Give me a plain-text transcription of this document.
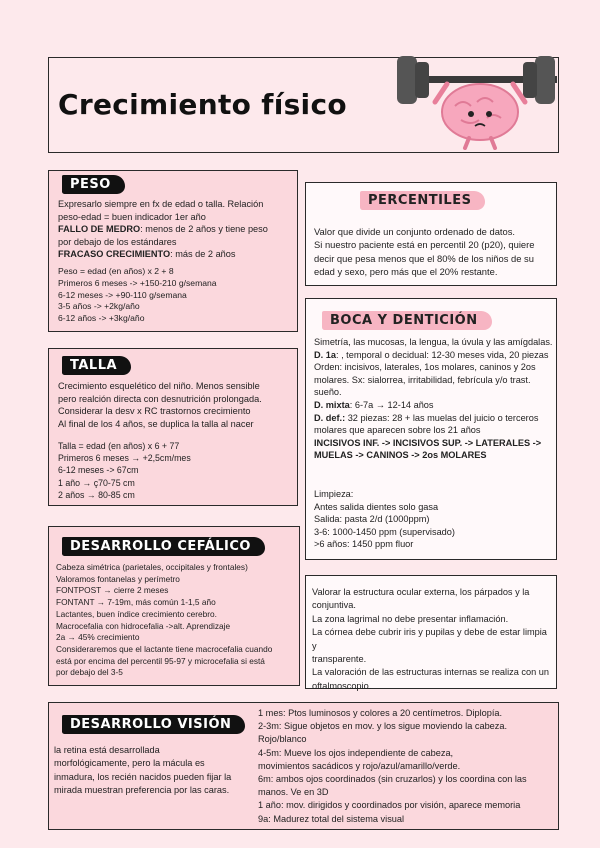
Crecimiento físico
PESO

Expresarlo siempre en fx de edad o talla. Relación

peso-edad = buen indicador 1er año

FALLO DE MEDRO: menos de 2 años y tiene peso

por debajo de los estándares

FRACASO CRECIMIENTO: más de 2 años

Peso = edad (en años) x 2 + 8

Primeros 6 meses -> +150-210 g/semana

6-12 meses -> +90-110 g/semana

3-5 años -> +2kg/año

6-12 años -> +3kg/año

PERCENTILES

Valor que divide un conjunto ordenado de datos.

Si nuestro paciente está en percentil 20 (p20), quiere

decir que pesa menos que el 80% de los niños de su

edad y sexo, pero más que el 20% restante.

TALLA

Crecimiento esquelético del niño. Menos sensible

pero realción directa con desnutrición prolongada.

Considerar la desv x RC trastornos crecimiento

Al final de los 4 años, se duplica la talla al nacer

Talla = edad (en años) x 6 + 77

Primeros 6 meses → +2,5cm/mes

6-12 meses -> 67cm

1 año → ç70-75 cm

2 años → 80-85 cm

BOCA Y DENTICIÓN

Simetría, las mucosas, la lengua, la úvula y las amígdalas.

D. 1a: , temporal o decidual: 12-30 meses vida, 20 piezas

Orden: incisivos, laterales, 1os molares, caninos y 2os

molares. Sx: sialorrea, irritabilidad, febrícula y/o trast.

sueño.

D. mixta: 6-7a → 12-14 años

D. def.: 32 piezas: 28 + las muelas del juicio o terceros

molares que aparecen sobre los 21 años

INCISIVOS INF. -> INCISIVOS SUP. -> LATERALES ->

MUELAS -> CANINOS -> 2os MOLARES

Limpieza:

Antes salida dientes solo gasa

Salida: pasta 2/d (1000ppm)

3-6: 1000-1450 ppm (supervisado)

>6 años: 1450 ppm fluor

DESARROLLO CEFÁLICO

Cabeza simétrica (parietales, occipitales y frontales)

Valoramos fontanelas y perímetro

FONTPOST → cierre 2 meses

FONTANT → 7-19m, más común 1-1,5 año

Lactantes, buen índice crecimiento cerebro.

Macrocefalia con hidrocefalia ->alt. Aprendizaje

2a → 45% crecimiento

Consideraremos que el lactante tiene macrocefalia cuando

está por encima del percentil 95-97 y microcefalia si está

por debajo del 3-5

Valorar la estructura ocular externa, los párpados y la

conjuntiva.

La zona lagrimal no debe presentar inflamación.

La córnea debe cubrir iris y pupilas y debe de estar limpia y

transparente.

La valoración de las estructuras internas se realiza con un

oftalmoscopio.

DESARROLLO VISIÓN

la retina está desarrollada

morfológicamente, pero la mácula es

inmadura, los recién nacidos pueden fijar la

mirada muestran preferencia por las caras.

1 mes: Ptos luminosos y colores a 20 centímetros. Diplopía.

2-3m: Sigue objetos en mov. y los sigue moviendo la cabeza.

Rojo/blanco

4-5m: Mueve los ojos independiente de cabeza,

movimientos sacádicos y rojo/azul/amarillo/verde.

6m: ambos ojos coordinados (sin cruzarlos) y los coordina con las

manos. Ve en 3D

1 año: mov. dirigidos y coordinados por visión, aparece memoria

9a: Madurez total del sistema visual
